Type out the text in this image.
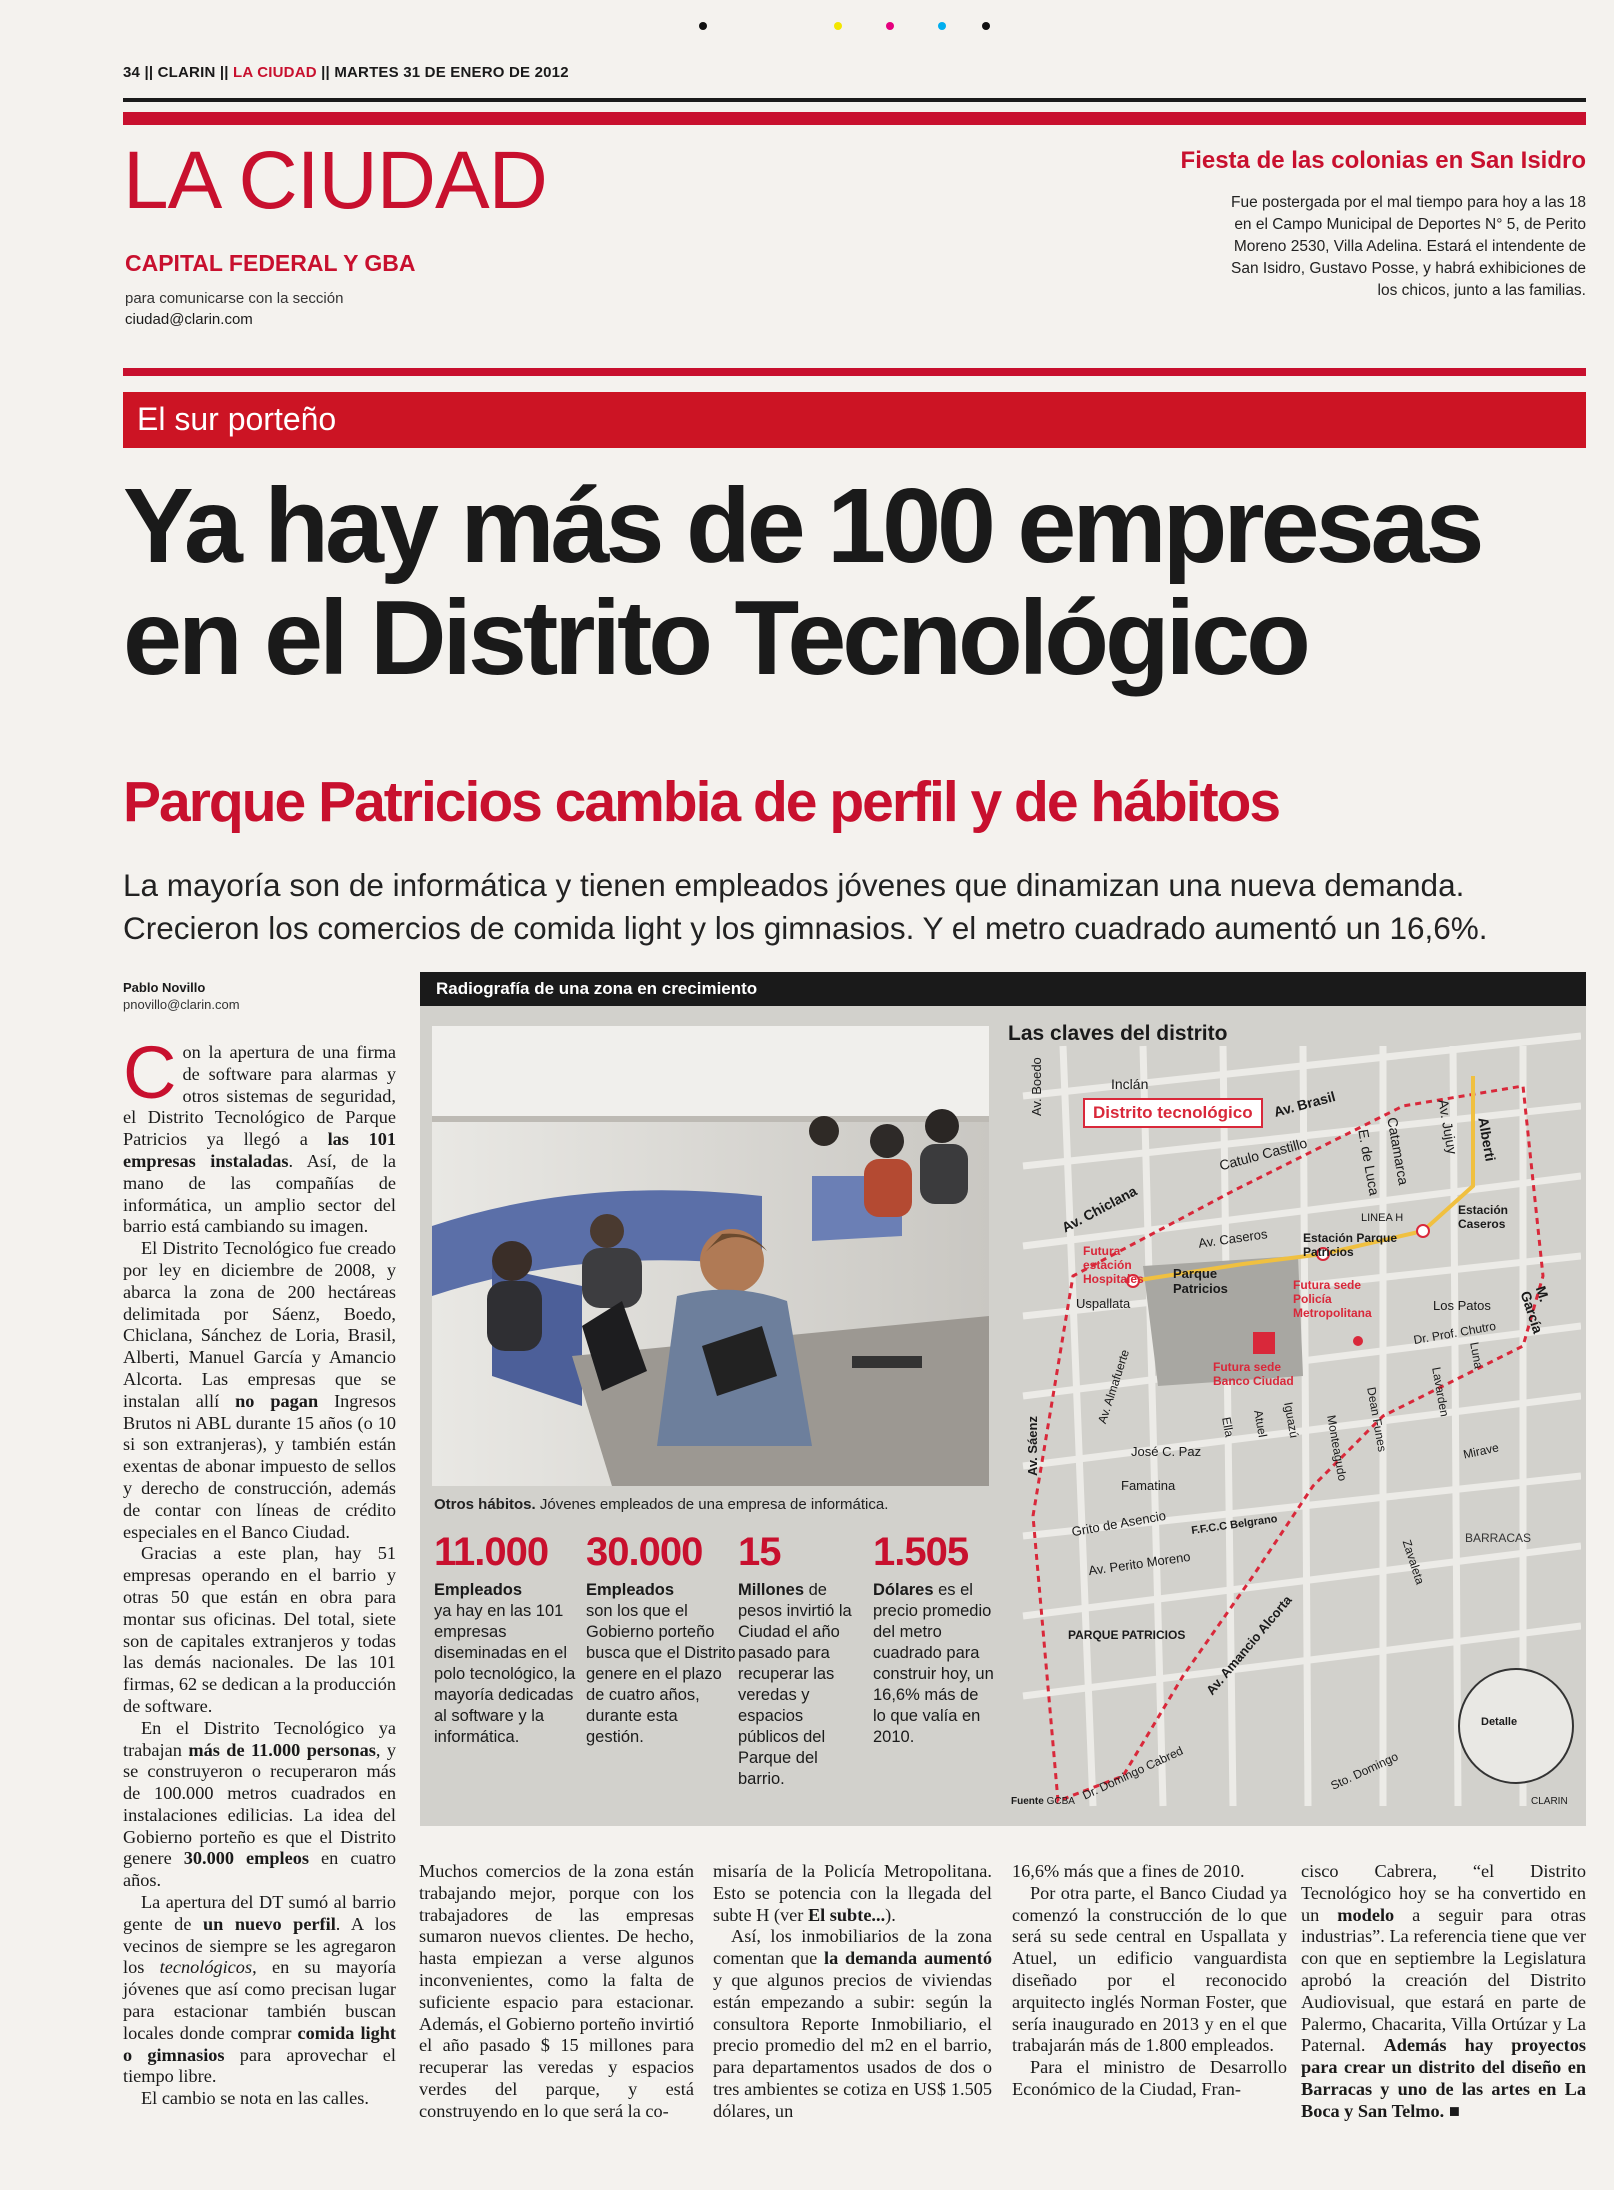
34 || CLARIN || LA CIUDAD || MARTES 31 DE ENERO DE 2012
LA CIUDAD
CAPITAL FEDERAL Y GBA
para comunicarse con la sección
ciudad@clarin.com
Fiesta de las colonias en San Isidro
Fue postergada por el mal tiempo para hoy a las 18
en el Campo Municipal de Deportes N° 5, de Perito
Moreno 2530, Villa Adelina. Estará el intendente de
San Isidro, Gustavo Posse, y habrá exhibiciones de
los chicos, junto a las familias.
El sur porteño
Ya hay más de 100 empresas
en el Distrito Tecnológico
Parque Patricios cambia de perfil y de hábitos
La mayoría son de informática y tienen empleados jóvenes que dinamizan una nueva demanda.
Crecieron los comercios de comida light y los gimnasios. Y el metro cuadrado aumentó un 16,6%.
Pablo Novillo
pnovillo@clarin.com

Con la apertura de una firma de software para alarmas y otros sistemas de seguridad, el Distrito Tecnológico de Parque Patricios ya llegó a las 101 empresas instaladas. Así, de la mano de las compañías de informática, un amplio sector del barrio está cambiando su imagen.

El Distrito Tecnológico fue creado por ley en diciembre de 2008, y abarca la zona de 200 hectáreas delimitada por Sáenz, Boedo, Chiclana, Sánchez de Loria, Brasil, Alberti, Manuel García y Amancio Alcorta. Las empresas que se instalan allí no pagan Ingresos Brutos ni ABL durante 15 años (o 10 si son extranjeras), y también están exentas de abonar impuesto de sellos y derecho de construcción, además de contar con líneas de crédito especiales en el Banco Ciudad.

Gracias a este plan, hay 51 empresas operando en el barrio y otras 50 que están en obra para montar sus oficinas. Del total, siete son de capitales extranjeros y todas las demás nacionales. De las 101 firmas, 62 se dedican a la producción de software.

En el Distrito Tecnológico ya trabajan más de 11.000 personas, y se construyeron o recuperaron más de 100.000 metros cuadrados en instalaciones edilicias. La idea del Gobierno porteño es que el Distrito genere 30.000 empleos en cuatro años.

La apertura del DT sumó al barrio gente de un nuevo perfil. A los vecinos de siempre se les agregaron los tecnológicos, en su mayoría jóvenes que así como precisan lugar para estacionar también buscan locales donde comprar comida light o gimnasios para aprovechar el tiempo libre.

El cambio se nota en las calles.

Muchos comercios de la zona están trabajando mejor, porque con los trabajadores de las empresas sumaron nuevos clientes. De hecho, hasta empiezan a verse algunos inconvenientes, como la falta de suficiente espacio para estacionar. Además, el Gobierno porteño invirtió el año pasado $ 15 millones para recuperar las veredas y espacios verdes del parque, y está construyendo en lo que será la co-

misaría de la Policía Metropolitana. Esto se potencia con la llegada del subte H (ver El subte...).

Así, los inmobiliarios de la zona comentan que la demanda aumentó y que algunos precios de viviendas están empezando a subir: según la consultora Reporte Inmobiliario, el precio promedio del m2 en el barrio, para departamentos usados de dos o tres ambientes se cotiza en US$ 1.505 dólares, un

16,6% más que a fines de 2010.

Por otra parte, el Banco Ciudad ya comenzó la construcción de lo que será su sede central en Uspallata y Atuel, un edificio vanguardista diseñado por el reconocido arquitecto inglés Norman Foster, que sería inaugurado en 2013 y en el que trabajarán más de 1.800 empleados.

Para el ministro de Desarrollo Económico de la Ciudad, Fran-

cisco Cabrera, “el Distrito Tecnológico hoy se ha convertido en un modelo a seguir para otras industrias”. La referencia tiene que ver con que en septiembre la Legislatura aprobó la creación del Distrito Audiovisual, que estará en parte de Palermo, Chacarita, Villa Ortúzar y La Paternal. Además hay proyectos para crear un distrito del diseño en Barracas y uno de las artes en La Boca y San Telmo. ■

Radiografía de una zona en crecimiento
Otros hábitos. Jóvenes empleados de una empresa de informática.
11.000
Empleados
ya hay en las 101 empresas diseminadas en el polo tecnológico, la mayoría dedicadas al software y la informática.
30.000
Empleados
son los que el Gobierno porteño busca que el Distrito genere en el plazo de cuatro años, durante esta gestión.
15
Millones de pesos invirtió la Ciudad el año pasado para recuperar las veredas y espacios públicos del Parque del barrio.
1.505
Dólares es el precio promedio del metro cuadrado para construir hoy, un 16,6% más de lo que valía en 2010.
Las claves del distrito
Distrito tecnológico
Inclán
Av. Boedo	Av. Brasil
Catulo Castillo	Catamarca
E. de Luca
Av. Jujuy Alberti
Av. Chiclana
Av. Caseros
LINEA H
Estación Caseros
Estación Parque Patricios
Uspallata	Los Patos
M. García
Dr. Prof. Chutro
Luna
Lavarden
Dean Funes
Monteagudo
Iguazú
Atuel
Ella
Av. Almafuerte
José C. Paz
Famatina
Grito de Asencio F.F.C.C Belgrano
Av. Perito Moreno
Mirave
Zavaleta	BARRACAS
Av. Sáenz
PARQUE PATRICIOS Av. Amancio Alcorta
Dr. Domingo Cabred	Sto. Domingo
Parque Patricios
Futura estación Hospitales	Futura sede Policía Metropolitana
Futura sede Banco Ciudad
Detalle
Fuente GCBA	CLARIN
